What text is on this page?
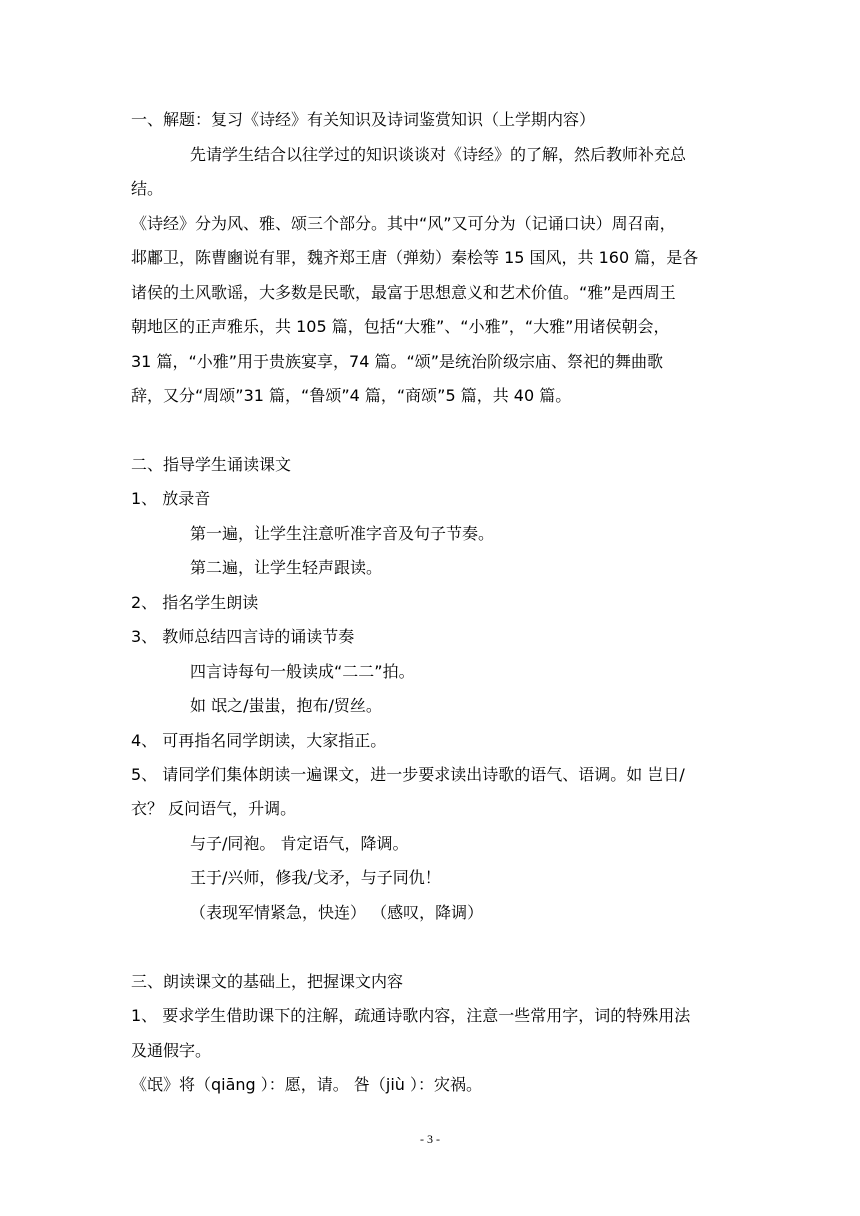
一、解题：复习《诗经》有关知识及诗词鉴赏知识（上学期内容）
先请学生结合以往学过的知识谈谈对《诗经》的了解，然后教师补充总
结。
《诗经》分为风、雅、颂三个部分。其中“风”又可分为（记诵口诀）周召南，
邶鄘卫，陈曹豳说有罪，魏齐郑王唐（弹劾）秦桧等 15 国风，共 160 篇，是各
诸侯的土风歌谣，大多数是民歌，最富于思想意义和艺术价值。“雅”是西周王
朝地区的正声雅乐，共 105 篇，包括“大雅”、“小雅”，“大雅”用诸侯朝会，
31 篇，“小雅”用于贵族宴享，74 篇。“颂”是统治阶级宗庙、祭祀的舞曲歌
辞，又分“周颂”31 篇，“鲁颂”4 篇，“商颂”5 篇，共 40 篇。
二、指导学生诵读课文
1、 放录音
第一遍，让学生注意听准字音及句子节奏。
第二遍，让学生轻声跟读。
2、 指名学生朗读
3、 教师总结四言诗的诵读节奏
四言诗每句一般读成“二二”拍。
如 氓之/蚩蚩，抱布/贸丝。
4、 可再指名同学朗读，大家指正。
5、 请同学们集体朗读一遍课文，进一步要求读出诗歌的语气、语调。如 岂日/
衣？ 反问语气，升调。
与子/同袍。 肯定语气，降调。
王于/兴师，修我/戈矛，与子同仇！
（表现军情紧急，快连） （感叹，降调）
三、朗读课文的基础上，把握课文内容
1、 要求学生借助课下的注解，疏通诗歌内容，注意一些常用字，词的特殊用法
及通假字。
《氓》将（qiāng ）：愿，请。 咎（jiù ）：灾祸。
- 3 -
